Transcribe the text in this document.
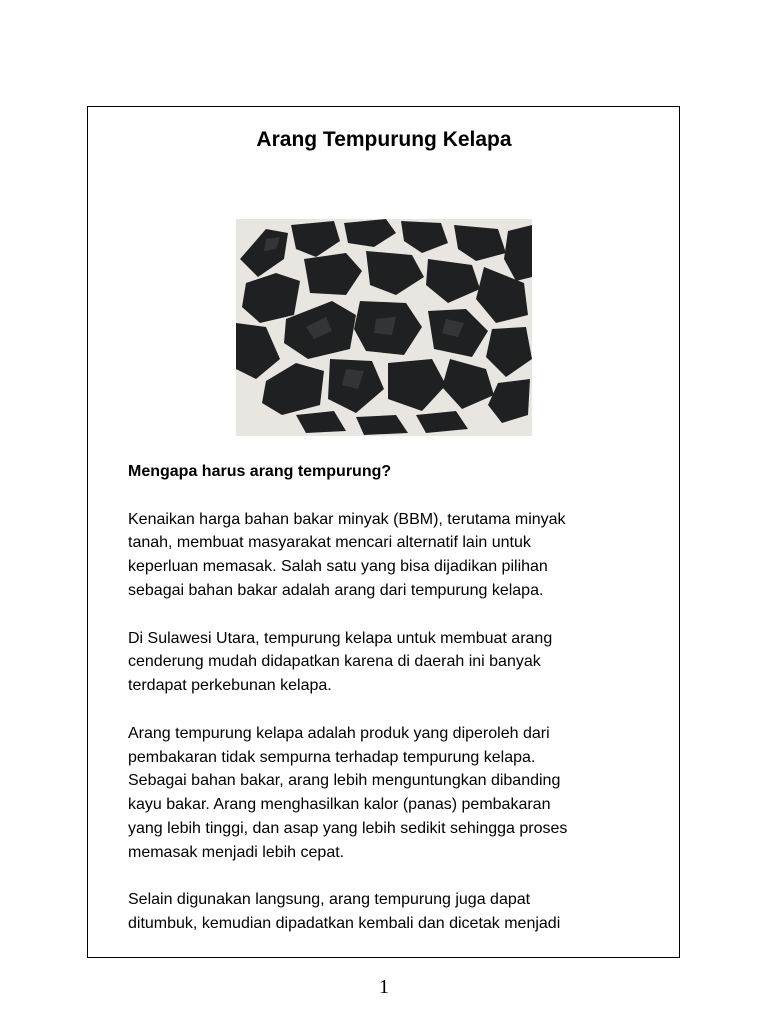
Arang Tempurung Kelapa

Mengapa harus arang tempurung?

Kenaikan harga bahan bakar minyak (BBM), terutama minyak
tanah, membuat masyarakat mencari alternatif lain untuk
keperluan memasak. Salah satu yang bisa dijadikan pilihan
sebagai bahan bakar adalah arang dari tempurung kelapa.

Di Sulawesi Utara, tempurung kelapa untuk membuat arang
cenderung mudah didapatkan karena di daerah ini banyak
terdapat perkebunan kelapa.

Arang tempurung kelapa adalah produk yang diperoleh dari
pembakaran tidak sempurna terhadap tempurung kelapa.
Sebagai bahan bakar, arang lebih menguntungkan dibanding
kayu bakar. Arang menghasilkan kalor (panas) pembakaran
yang lebih tinggi, dan asap yang lebih sedikit sehingga proses
memasak menjadi lebih cepat.

Selain digunakan langsung, arang tempurung juga dapat
ditumbuk, kemudian dipadatkan kembali dan dicetak menjadi

1
